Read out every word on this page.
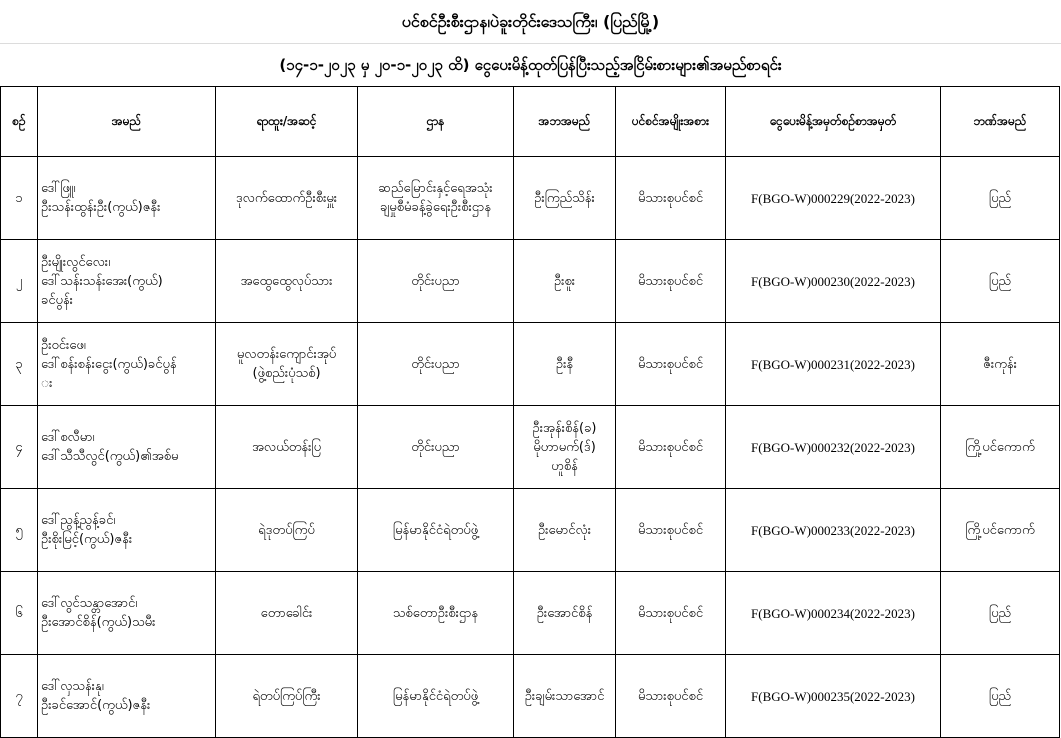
ပင်စင်ဦးစီးဌာန၊ပဲခူးတိုင်းဒေသကြီး၊ (ပြည်မြို့)
(၁၄-၁-၂၀၂၃ မှ ၂၀-၁-၂၀၂၃ ထိ) ငွေပေးမိန့်ထုတ်ပြန်ပြီးသည့်အငြိမ်းစားများ၏အမည်စာရင်း
စဉ်	အမည်	ရာထူး/အဆင့်	ဌာန	အဘအမည်	ပင်စင်အမျိုးအစား	ငွေပေးမိန့်အမှတ်စဉ်စာအမှတ်	ဘဏ်အမည်
၁	ဒေါ်ဖြူ၊
ဦးသန်းထွန်းဦး(ကွယ်)ဇနီး	ဒုလက်ထောက်ဦးစီးမှူး	ဆည်မြောင်းနှင့်ရေအသုံး
ချမှုစီမံခန့်ခွဲရေးဦးစီးဌာန	ဦးကြည်သိန်း	မိသားစုပင်စင်	F(BGO-W)000229(2022-2023)	ပြည်
၂	ဦးမျိုးလွင်လေး၊
ဒေါ်သန်းသန်းအေး(ကွယ်)
ခင်ပွန်း	အထွေထွေလုပ်သား	တိုင်းပညာ	ဦးစူး	မိသားစုပင်စင်	F(BGO-W)000230(2022-2023)	ပြည်
၃	ဦးဝင်းဖေ၊
ဒေါ်စန်းစန်းငွေး(ကွယ်)ခင်ပွန်
း	မူလတန်းကျောင်းအုပ်
(ဖွဲ့စည်းပုံသစ်)	တိုင်းပညာ	ဦးနီ	မိသားစုပင်စင်	F(BGO-W)000231(2022-2023)	ဇီးကုန်း
၄	ဒေါ်စလီမာ၊
ဒေါ်သီသီလွင်(ကွယ်)၏အစ်မ	အလယ်တန်းပြ	တိုင်းပညာ	ဦးအုန်းစိန်(ခ)
မိုဟာမက်(ဒ်)
ဟူစိန်	မိသားစုပင်စင်	F(BGO-W)000232(2022-2023)	ကြို့ပင်ကောက်
၅	ဒေါ်ညွန့်ညွန့်ခင်၊
ဦးစိုးမြင့်(ကွယ်)ဇနီး	ရဲဒုတပ်ကြပ်	မြန်မာနိုင်ငံရဲတပ်ဖွဲ့	ဦးမောင်လုံး	မိသားစုပင်စင်	F(BGO-W)000233(2022-2023)	ကြို့ပင်ကောက်
၆	ဒေါ်လွင်သန္တာအောင်၊
ဦးအောင်စိန်(ကွယ်)သမီး	တောခေါင်း	သစ်တောဦးစီးဌာန	ဦးအောင်စိန်	မိသားစုပင်စင်	F(BGO-W)000234(2022-2023)	ပြည်
၇	ဒေါ်လှသန်းနု၊
ဦးခင်အောင်(ကွယ်)ဇနီး	ရဲတပ်ကြပ်ကြီး	မြန်မာနိုင်ငံရဲတပ်ဖွဲ့	ဦးချမ်းသာအောင်	မိသားစုပင်စင်	F(BGO-W)000235(2022-2023)	ပြည်
